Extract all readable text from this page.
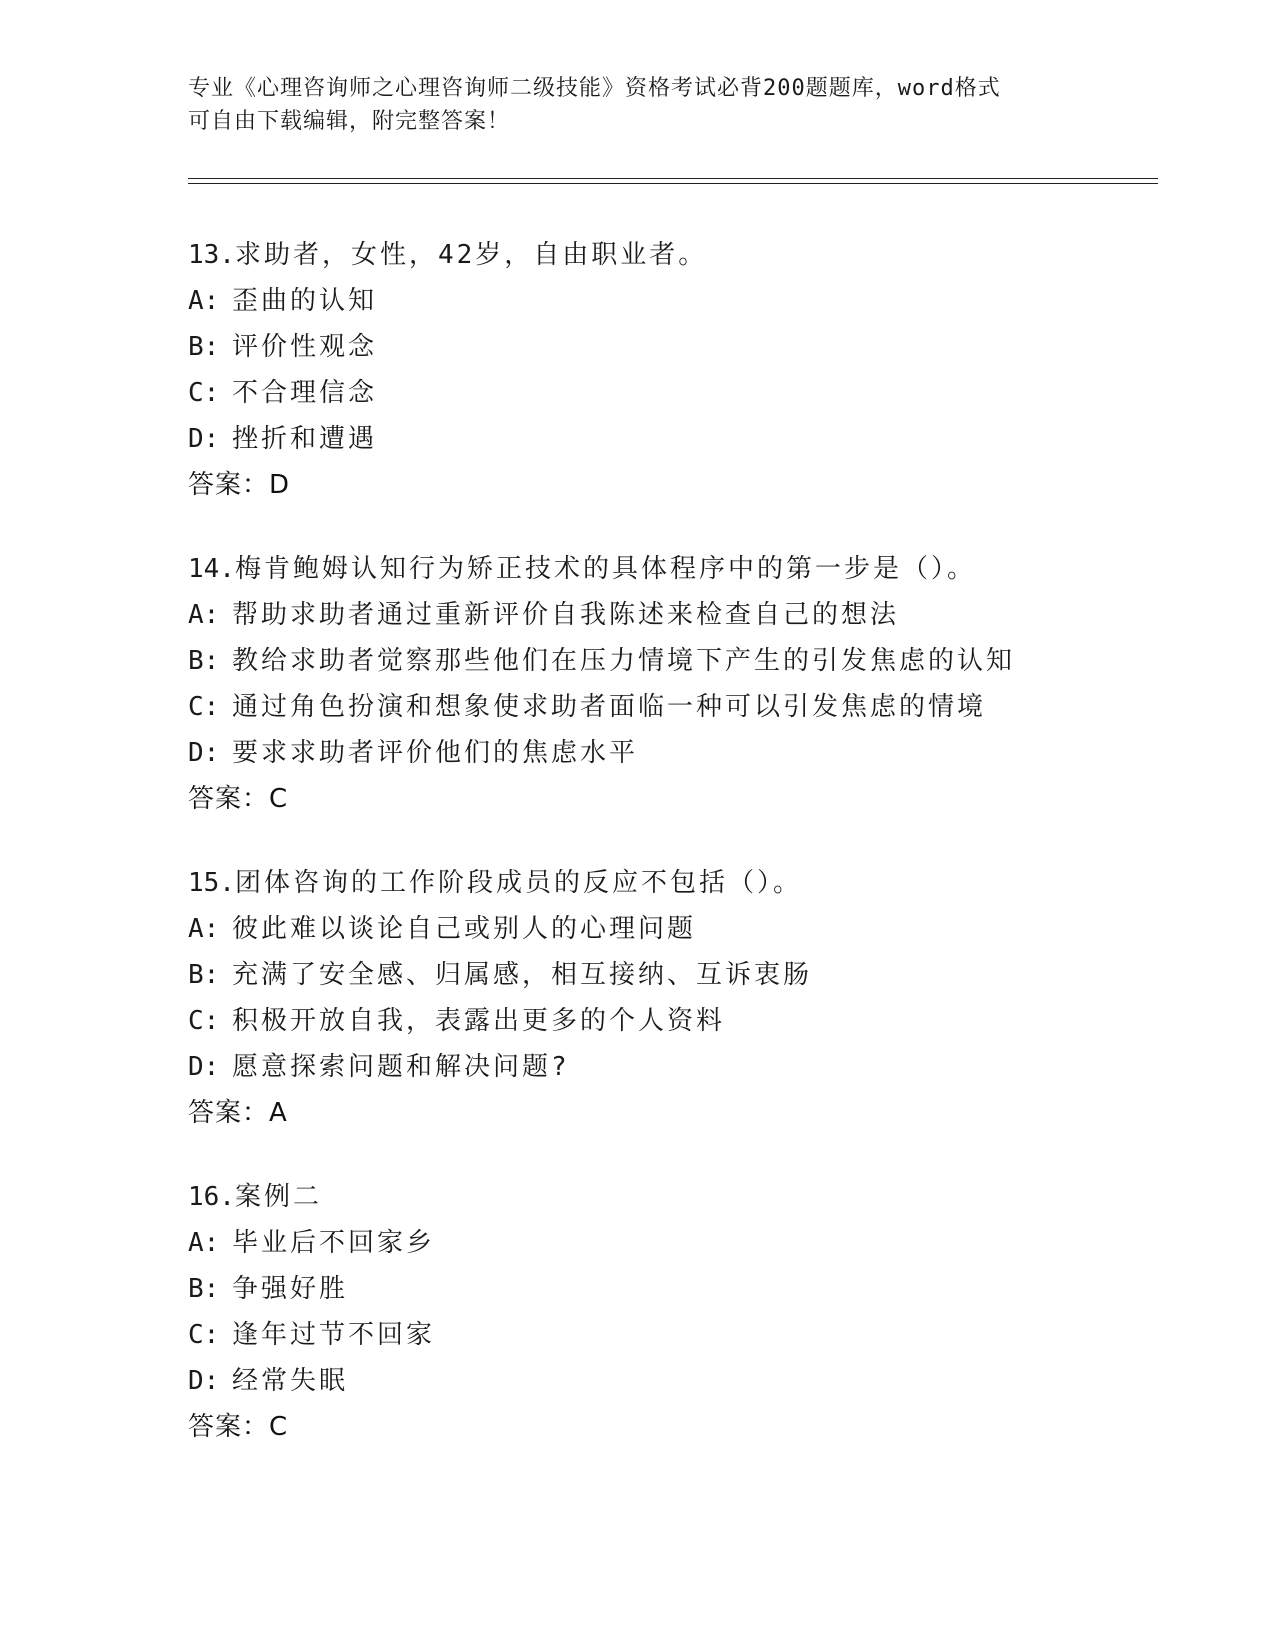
专业《心理咨询师之心理咨询师二级技能》资格考试必背200题题库，word格式
可自由下载编辑，附完整答案！
13.求助者，女性，42岁，自由职业者。
A: 歪曲的认知
B: 评价性观念
C: 不合理信念
D: 挫折和遭遇
答案：D
14.梅肯鲍姆认知行为矫正技术的具体程序中的第一步是（）。
A: 帮助求助者通过重新评价自我陈述来检查自己的想法
B: 教给求助者觉察那些他们在压力情境下产生的引发焦虑的认知
C: 通过角色扮演和想象使求助者面临一种可以引发焦虑的情境
D: 要求求助者评价他们的焦虑水平
答案：C
15.团体咨询的工作阶段成员的反应不包括（）。
A: 彼此难以谈论自己或别人的心理问题
B: 充满了安全感、归属感，相互接纳、互诉衷肠
C: 积极开放自我，表露出更多的个人资料
D: 愿意探索问题和解决问题?
答案：A
16.案例二
A: 毕业后不回家乡
B: 争强好胜
C: 逢年过节不回家
D: 经常失眠
答案：C
